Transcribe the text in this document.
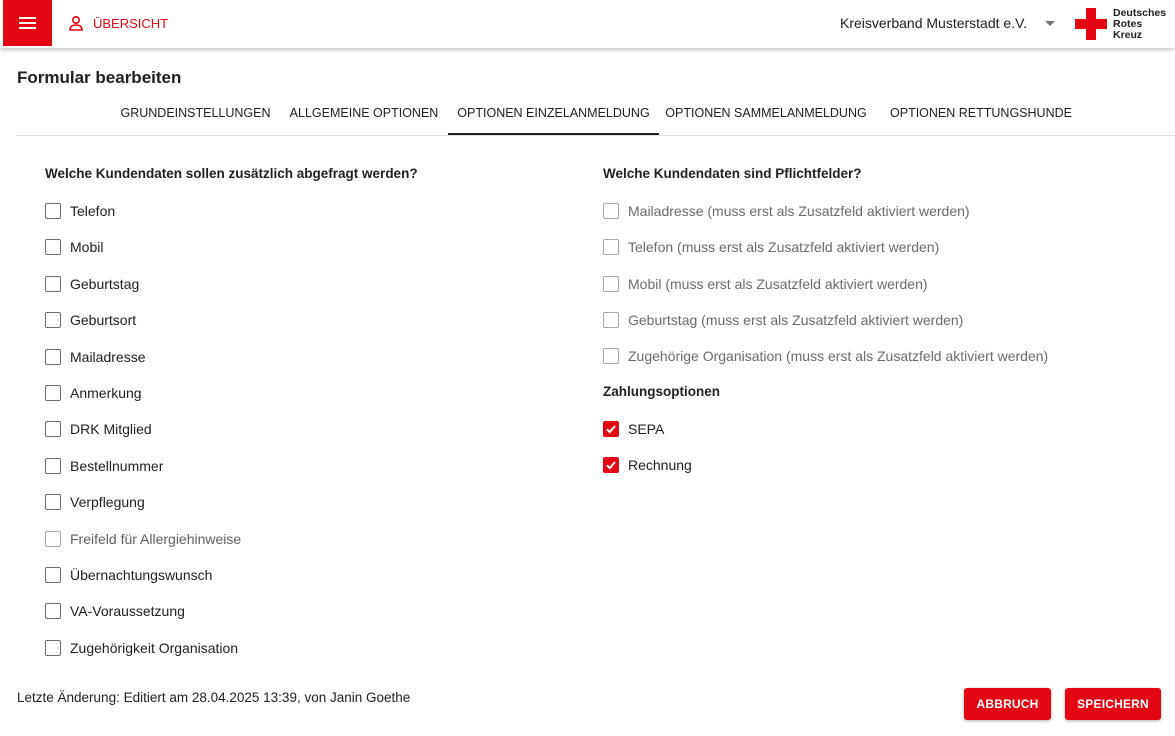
ÜBERSICHT	Kreisverband Musterstadt e.V.
Deutsches
Rotes
Kreuz
Formular bearbeiten
GRUNDEINSTELLUNGEN	ALLGEMEINE OPTIONEN	OPTIONEN EINZELANMELDUNG	OPTIONEN SAMMELANMELDUNG OPTIONEN RETTUNGSHUNDE
Welche Kundendaten sollen zusätzlich abgefragt werden?
Telefon
Mobil
Geburtstag
Geburtsort
Mailadresse
Anmerkung
DRK Mitglied
Bestellnummer
Verpflegung
Freifeld für Allergiehinweise
Übernachtungswunsch
VA-Voraussetzung
Zugehörigkeit Organisation
Welche Kundendaten sind Pflichtfelder?
Mailadresse (muss erst als Zusatzfeld aktiviert werden)
Telefon (muss erst als Zusatzfeld aktiviert werden)
Mobil (muss erst als Zusatzfeld aktiviert werden)
Geburtstag (muss erst als Zusatzfeld aktiviert werden)
Zugehörige Organisation (muss erst als Zusatzfeld aktiviert werden)
Zahlungsoptionen
SEPA
Rechnung
Letzte Änderung: Editiert am 28.04.2025 13:39, von Janin Goethe	ABBRUCH	SPEICHERN
